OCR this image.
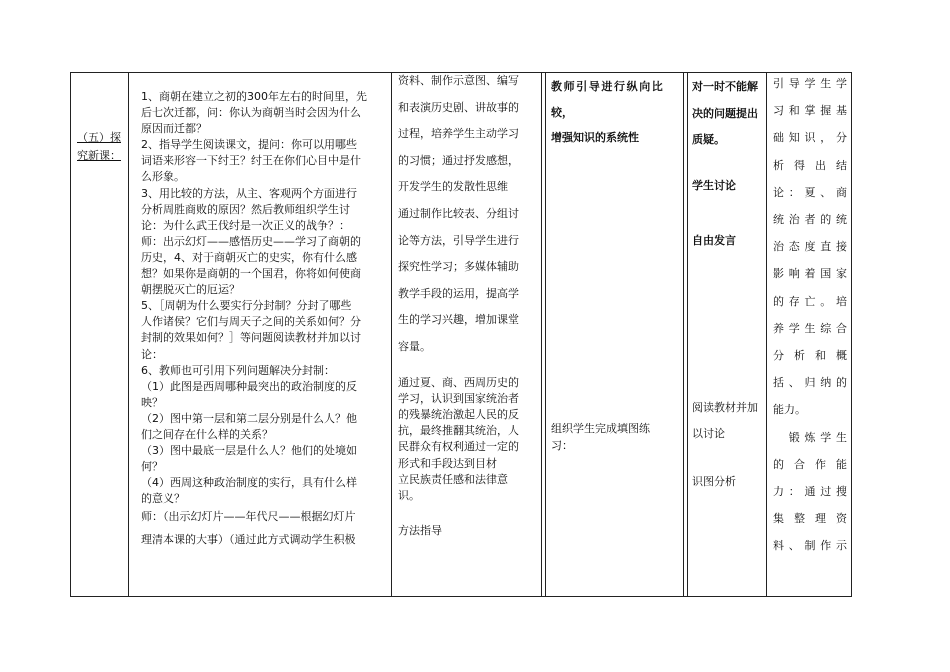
（五）探
究新课：
1、商朝在建立之初的300年左右的时间里，先
后七次迁都，问：你认为商朝当时会因为什么
原因而迁都？
2、指导学生阅读课文，提问：你可以用哪些
词语来形容一下纣王？纣王在你们心目中是什
么形象。
3、用比较的方法，从主、客观两个方面进行
分析周胜商败的原因？然后教师组织学生讨
论：为什么武王伐纣是一次正义的战争？：
师：出示幻灯——感悟历史——学习了商朝的
历史，4、对于商朝灭亡的史实，你有什么感
想？如果你是商朝的一个国君，你将如何使商
朝摆脱灭亡的厄运？
5、［周朝为什么要实行分封制？分封了哪些
人作诸侯？它们与周天子之间的关系如何？分
封制的效果如何？］等问题阅读教材并加以讨
论：
6、教师也可引用下列问题解决分封制：
（1）此图是西周哪种最突出的政治制度的反
映？
（2）图中第一层和第二层分别是什么人？他
们之间存在什么样的关系？
（3）图中最底一层是什么人？他们的处境如
何？
（4）西周这种政治制度的实行，具有什么样
的意义？
师：（出示幻灯片——年代尺——根据幻灯片
理清本课的大事）（通过此方式调动学生积极
资料、制作示意图、编写
和表演历史剧、讲故事的
过程，培养学生主动学习
的习惯；通过抒发感想，
开发学生的发散性思维
通过制作比较表、分组讨
论等方法，引导学生进行
探究性学习；多媒体辅助
教学手段的运用，提高学
生的学习兴趣，增加课堂
容量。
通过夏、商、西周历史的
学习，认识到国家统治者
的残暴统治激起人民的反
抗，最终推翻其统治，人
民群众有权利通过一定的
形式和手段达到目材
立民族责任感和法律意
识。
方法指导
教师引导进行纵向比
较，
增强知识的系统性
组织学生完成填图练
习：
对一时不能解
决的问题提出
质疑。
学生讨论
自由发言
阅读教材并加
以讨论
识图分析
引导学生学
习和掌握基
础知识，分
析得出结
论：夏、商
统治者的统
治态度直接
影响着国家
的存亡。培
养学生综合
分析和概
括、归纳的
能力。
　锻炼学生
的合作能
力：通过搜
集整理资
料、制作示
